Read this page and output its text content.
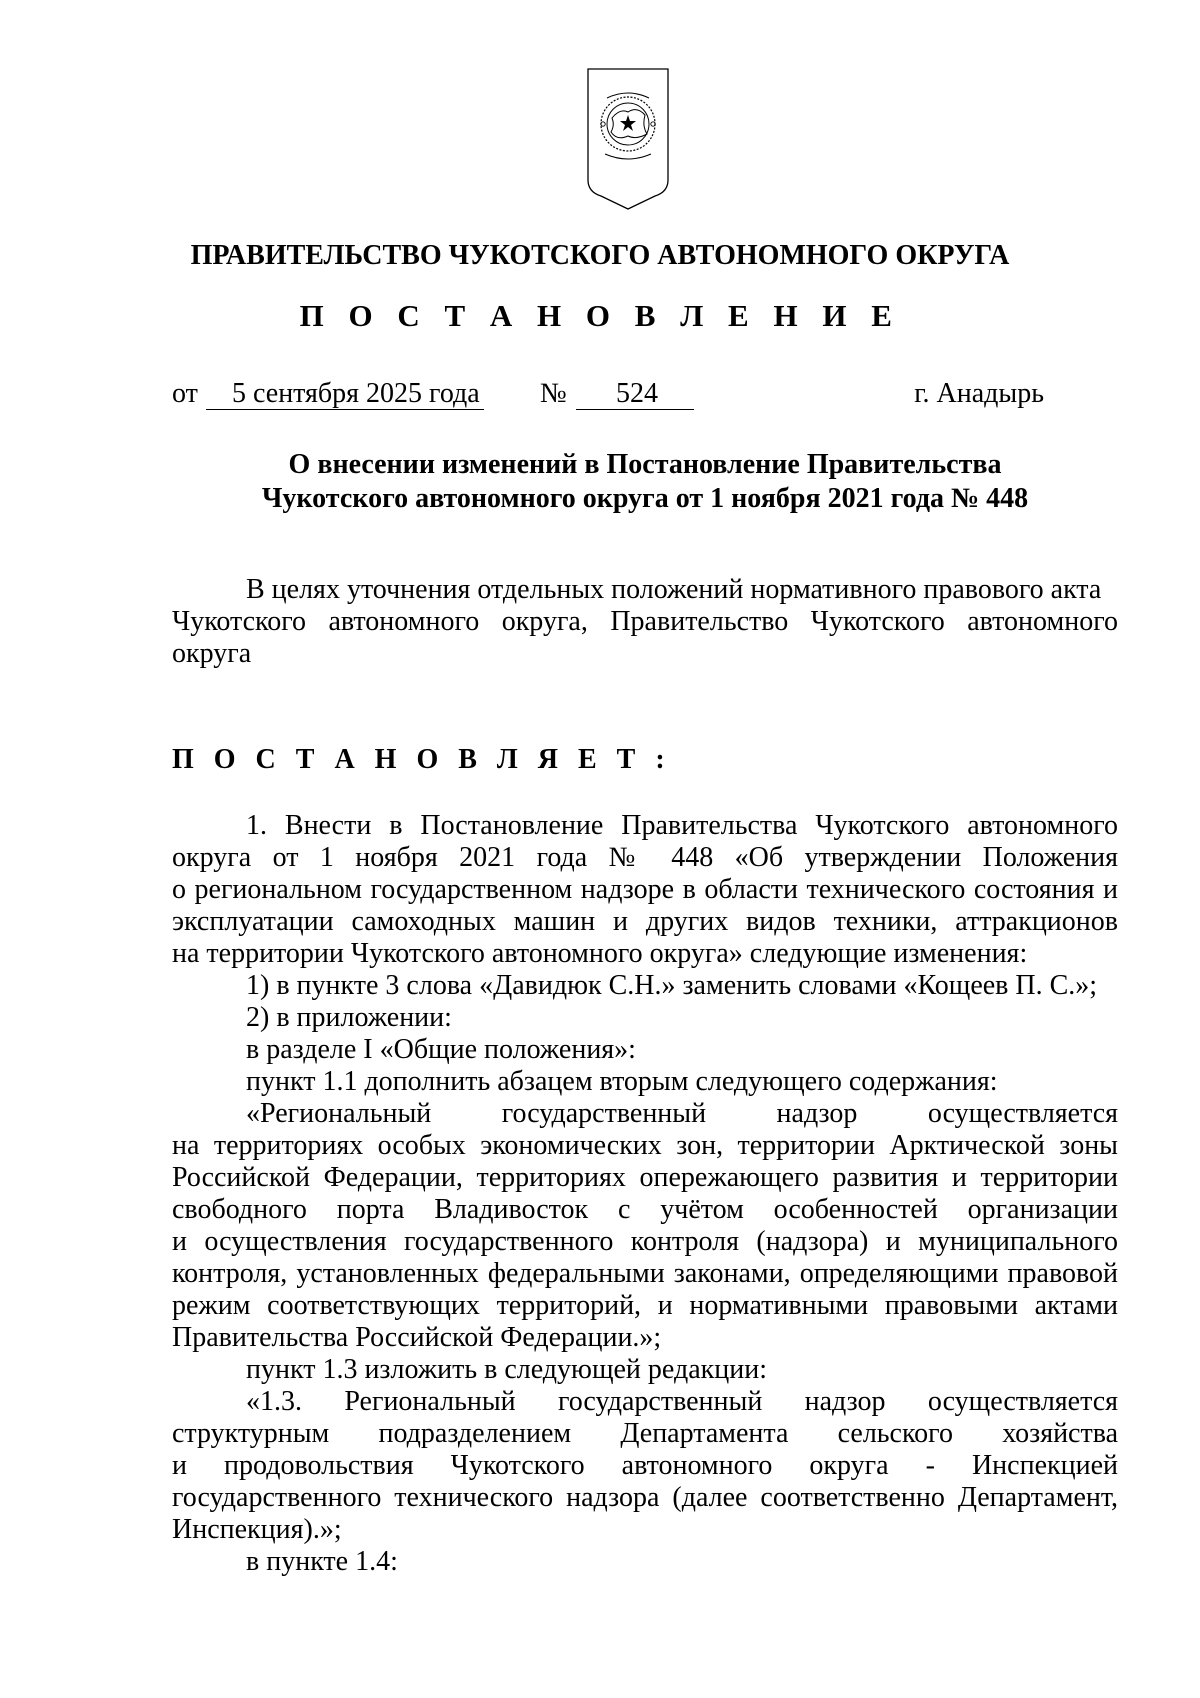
ПРАВИТЕЛЬСТВО ЧУКОТСКОГО АВТОНОМНОГО ОКРУГА
П О С Т А Н О В Л Е Н И Е
от 5 сентября 2025 года № 524	г. Анадырь
О внесении изменений в Постановление Правительства
Чукотского автономного округа от 1 ноября 2021 года № 448
В целях уточнения отдельных положений нормативного правового акта
Чукотского автономного округа, Правительство Чукотского автономного
округа
П О С Т А Н О В Л Я Е Т :
1. Внести в Постановление Правительства Чукотского автономного
округа от 1 ноября 2021 года № 448 «Об утверждении Положения
о региональном государственном надзоре в области технического состояния и
эксплуатации самоходных машин и других видов техники, аттракционов
на территории Чукотского автономного округа» следующие изменения:
1) в пункте 3 слова «Давидюк С.Н.» заменить словами «Кощеев П. С.»;
2) в приложении:
в разделе I «Общие положения»:
пункт 1.1 дополнить абзацем вторым следующего содержания:
«Региональный государственный надзор осуществляется
на территориях особых экономических зон, территории Арктической зоны
Российской Федерации, территориях опережающего развития и территории
свободного порта Владивосток с учётом особенностей организации
и осуществления государственного контроля (надзора) и муниципального
контроля, установленных федеральными законами, определяющими правовой
режим соответствующих территорий, и нормативными правовыми актами
Правительства Российской Федерации.»;
пункт 1.3 изложить в следующей редакции:
«1.3. Региональный государственный надзор осуществляется
структурным подразделением Департамента сельского хозяйства
и продовольствия Чукотского автономного округа - Инспекцией
государственного технического надзора (далее соответственно Департамент,
Инспекция).»;
в пункте 1.4:
